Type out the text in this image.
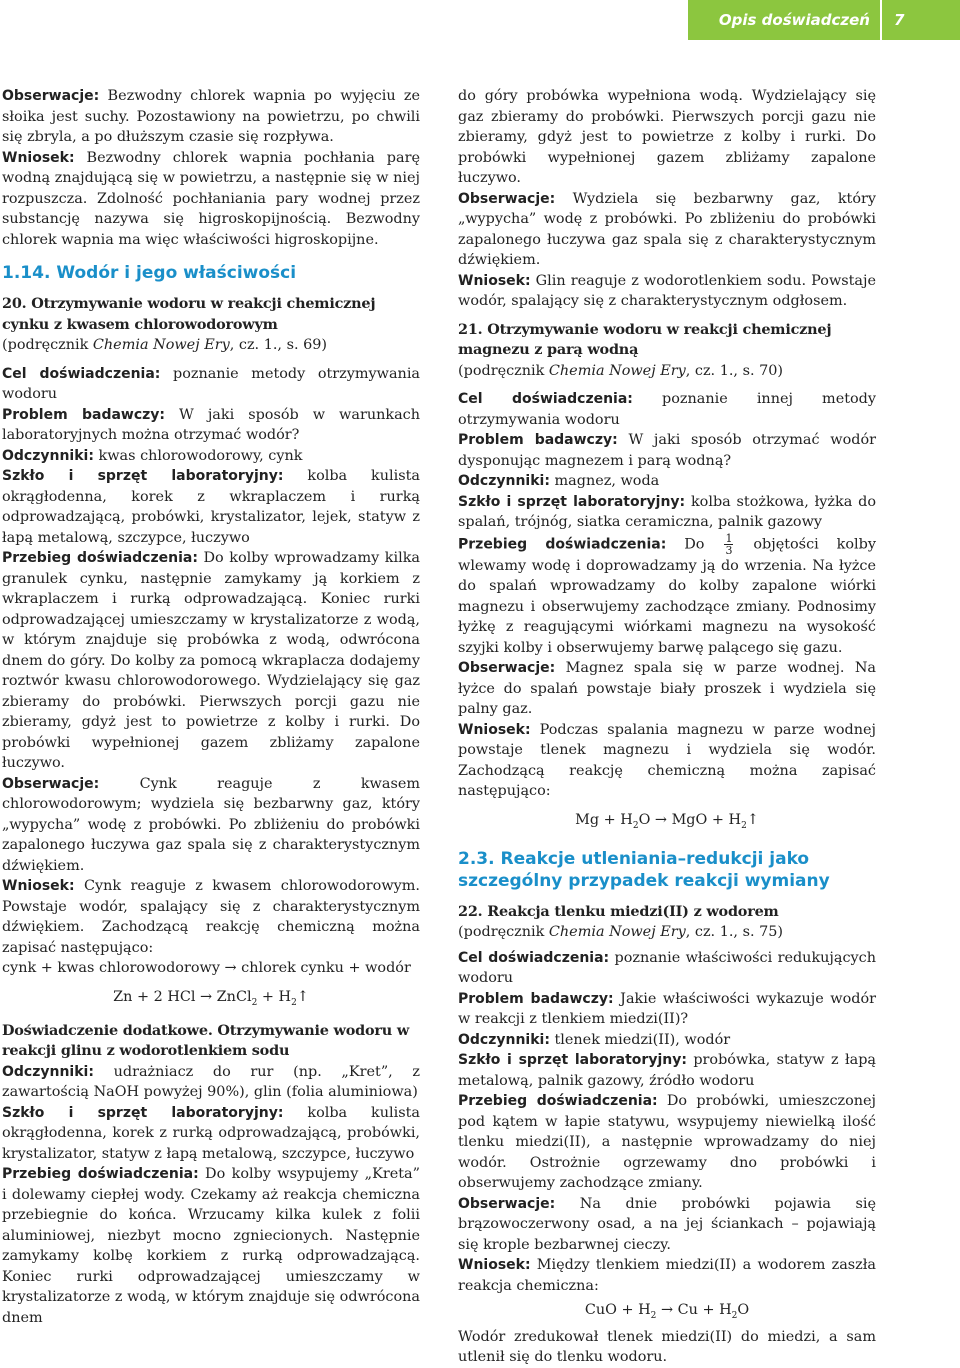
Opis doświadczeń	7

Obserwacje: Bezwodny chlorek wapnia po wyjęciu ze słoika jest suchy. Pozostawiony na powietrzu, po chwili się zbryla, a po dłuższym czasie się rozpływa.

Wniosek: Bezwodny chlorek wapnia pochłania parę wodną znajdującą się w powietrzu, a następnie się w niej rozpuszcza. Zdolność pochłaniania pary wodnej przez substancję nazywa się higroskopijnością. Bezwodny chlorek wapnia ma więc właściwości higroskopijne.

1.14. Wodór i jego właściwości

20. Otrzymywanie wodoru w reakcji chemicznej cynku z kwasem chlorowodorowym

(podręcznik Chemia Nowej Ery, cz. 1., s. 69)

Cel doświadczenia: poznanie metody otrzymywania wodoru

Problem badawczy: W jaki sposób w warunkach laboratoryjnych można otrzymać wodór?

Odczynniki: kwas chlorowodorowy, cynk

Szkło i sprzęt laboratoryjny: kolba kulista okrągłodenna, korek z wkraplaczem i rurką odprowadzającą, probówki, krystalizator, lejek, statyw z łapą metalową, szczypce, łuczywo

Przebieg doświadczenia: Do kolby wprowadzamy kilka granulek cynku, następnie zamykamy ją korkiem z wkraplaczem i rurką odprowadzającą. Koniec rurki odprowadzającej umieszczamy w krystalizatorze z wodą, w którym znajduje się probówka z wodą, odwrócona dnem do góry. Do kolby za pomocą wkraplacza dodajemy roztwór kwasu chlorowodorowego. Wydzielający się gaz zbieramy do probówki. Pierwszych porcji gazu nie zbieramy, gdyż jest to powietrze z kolby i rurki. Do probówki wypełnionej gazem zbliżamy zapalone łuczywo.

Obserwacje: Cynk reaguje z kwasem chlorowodorowym; wydziela się bezbarwny gaz, który „wypycha” wodę z probówki. Po zbliżeniu do probówki zapalonego łuczywa gaz spala się z charakterystycznym dźwiękiem.

Wniosek: Cynk reaguje z kwasem chlorowodorowym. Powstaje wodór, spalający się z charakterystycznym dźwiękiem. Zachodzącą reakcję chemiczną można zapisać następująco:

cynk + kwas chlorowodorowy → chlorek cynku + wodór

Zn + 2 HCl → ZnCl$_2$ + $H_2↑$

Doświadczenie dodatkowe. Otrzymywanie wodoru w reakcji glinu z wodorotlenkiem sodu

Odczynniki: udrażniacz do rur (np. „Kret”, z zawartością NaOH powyżej 90%), glin (folia aluminiowa)

Szkło i sprzęt laboratoryjny: kolba kulista okrągłodenna, korek z rurką odprowadzającą, probówki, krystalizator, statyw z łapą metalową, szczypce, łuczywo

Przebieg doświadczenia: Do kolby wsypujemy „Kreta” i dolewamy ciepłej wody. Czekamy aż reakcja chemiczna przebiegnie do końca. Wrzucamy kilka kulek z folii aluminiowej, niezbyt mocno zgniecionych. Następnie zamykamy kolbę korkiem z rurką odprowadzającą. Koniec rurki odprowadzającej umieszczamy w krystalizatorze z wodą, w którym znajduje się odwrócona dnem

do góry probówka wypełniona wodą. Wydzielający się gaz zbieramy do probówki. Pierwszych porcji gazu nie zbieramy, gdyż jest to powietrze z kolby i rurki. Do probówki wypełnionej gazem zbliżamy zapalone łuczywo.

Obserwacje: Wydziela się bezbarwny gaz, który „wypycha” wodę z probówki. Po zbliżeniu do probówki zapalonego łuczywa gaz spala się z charakterystycznym dźwiękiem.

Wniosek: Glin reaguje z wodorotlenkiem sodu. Powstaje wodór, spalający się z charakterystycznym odgłosem.

21. Otrzymywanie wodoru w reakcji chemicznej magnezu z parą wodną

(podręcznik Chemia Nowej Ery, cz. 1., s. 70)

Cel doświadczenia: poznanie innej metody otrzymywania wodoru

Problem badawczy: W jaki sposób otrzymać wodór dysponując magnezem i parą wodną?

Odczynniki: magnez, woda

Szkło i sprzęt laboratoryjny: kolba stożkowa, łyżka do spalań, trójnóg, siatka ceramiczna, palnik gazowy

Przebieg doświadczenia: Do $\frac{1}{3}$ objętości kolby wlewamy wodę i doprowadzamy ją do wrzenia. Na łyżce do spalań wprowadzamy do kolby zapalone wiórki magnezu i obserwujemy zachodzące zmiany. Podnosimy łyżkę z reagującymi wiórkami magnezu na wysokość szyjki kolby i obserwujemy barwę palącego się gazu.

Obserwacje: Magnez spala się w parze wodnej. Na łyżce do spalań powstaje biały proszek i wydziela się palny gaz.

Wniosek: Podczas spalania magnezu w parze wodnej powstaje tlenek magnezu i wydziela się wodór. Zachodzącą reakcję chemiczną można zapisać następująco:

$Mg + H_2O$ → MgO + $H_2↑$

2.3. Reakcje utleniania–redukcji jako szczególny przypadek reakcji wymiany

22. Reakcja tlenku miedzi(II) z wodorem

(podręcznik Chemia Nowej Ery, cz. 1., s. 75)

Cel doświadczenia: poznanie właściwości redukujących wodoru

Problem badawczy: Jakie właściwości wykazuje wodór w reakcji z tlenkiem miedzi(II)?

Odczynniki: tlenek miedzi(II), wodór

Szkło i sprzęt laboratoryjny: probówka, statyw z łapą metalową, palnik gazowy, źródło wodoru

Przebieg doświadczenia: Do probówki, umieszczonej pod kątem w łapie statywu, wsypujemy niewielką ilość tlenku miedzi(II), a następnie wprowadzamy do niej wodór. Ostrożnie ogrzewamy dno probówki i obserwujemy zachodzące zmiany.

Obserwacje: Na dnie probówki pojawia się brązowoczerwony osad, a na jej ściankach – pojawiają się krople bezbarwnej cieczy.

Wniosek: Między tlenkiem miedzi(II) a wodorem zaszła reakcja chemiczna:

CuO + $H_2 \to Cu + H_2O$

Wodór zredukował tlenek miedzi(II) do miedzi, a sam utlenił się do tlenku wodoru.
